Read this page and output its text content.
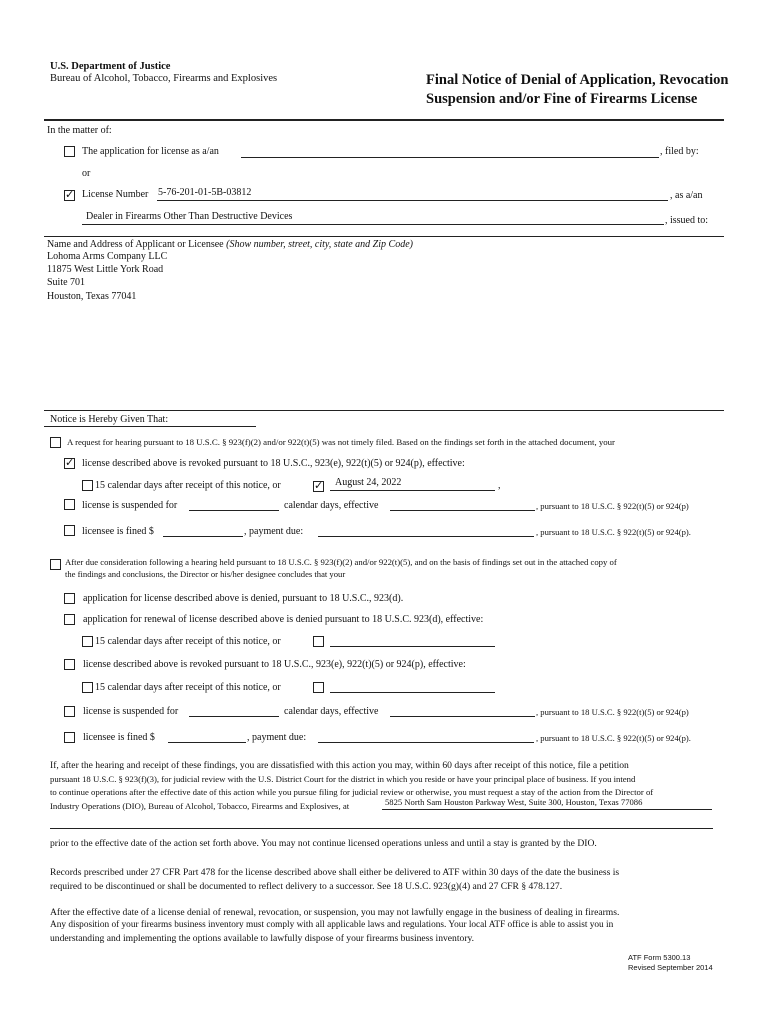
U.S. Department of Justice
Bureau of Alcohol, Tobacco, Firearms and Explosives	Final Notice of Denial of Application, Revocation
Suspension and/or Fine of Firearms License
In the matter of:
The application for license as a/an	, filed by:
or
✓
License Number 5-76-201-01-5B-03812	, as a/an
Dealer in Firearms Other Than Destructive Devices	, issued to:
Name and Address of Applicant or Licensee (Show number, street, city, state and Zip Code)
Lohoma Arms Company LLC
11875 West Little York Road
Suite 701
Houston, Texas 77041
Notice is Hereby Given That:
A request for hearing pursuant to 18 U.S.C. § 923(f)(2) and/or 922(t)(5) was not timely filed. Based on the findings set forth in the attached document, your
✓
license described above is revoked pursuant to 18 U.S.C., 923(e), 922(t)(5) or 924(p), effective:
15 calendar days after receipt of this notice, or
✓	August 24, 2022	,
license is suspended for	calendar days, effective	, pursuant to 18 U.S.C. § 922(t)(5) or 924(p)
licensee is fined $	, payment due:	, pursuant to 18 U.S.C. § 922(t)(5) or 924(p).
After due consideration following a hearing held pursuant to 18 U.S.C. § 923(f)(2) and/or 922(t)(5), and on the basis of findings set out in the attached copy of
the findings and conclusions, the Director or his/her designee concludes that your
application for license described above is denied, pursuant to 18 U.S.C., 923(d).
application for renewal of license described above is denied pursuant to 18 U.S.C. 923(d), effective:
15 calendar days after receipt of this notice, or
license described above is revoked pursuant to 18 U.S.C., 923(e), 922(t)(5) or 924(p), effective:
15 calendar days after receipt of this notice, or
license is suspended for	calendar days, effective	, pursuant to 18 U.S.C. § 922(t)(5) or 924(p)
licensee is fined $	, payment due:	, pursuant to 18 U.S.C. § 922(t)(5) or 924(p).
If, after the hearing and receipt of these findings, you are dissatisfied with this action you may, within 60 days after receipt of this notice, file a petition
pursuant 18 U.S.C. § 923(f)(3), for judicial review with the U.S. District Court for the district in which you reside or have your principal place of business. If you intend
to continue operations after the effective date of this action while you pursue filing for judicial review or otherwise, you must request a stay of the action from the Director of
Industry Operations (DIO), Bureau of Alcohol, Tobacco, Firearms and Explosives, at	5825 North Sam Houston Parkway West, Suite 300, Houston, Texas 77086
prior to the effective date of the action set forth above. You may not continue licensed operations unless and until a stay is granted by the DIO.
Records prescribed under 27 CFR Part 478 for the license described above shall either be delivered to ATF within 30 days of the date the business is
required to be discontinued or shall be documented to reflect delivery to a successor. See 18 U.S.C. 923(g)(4) and 27 CFR § 478.127.
After the effective date of a license denial of renewal, revocation, or suspension, you may not lawfully engage in the business of dealing in firearms.
Any disposition of your firearms business inventory must comply with all applicable laws and regulations. Your local ATF office is able to assist you in
understanding and implementing the options available to lawfully dispose of your firearms business inventory.
ATF Form 5300.13
Revised September 2014
